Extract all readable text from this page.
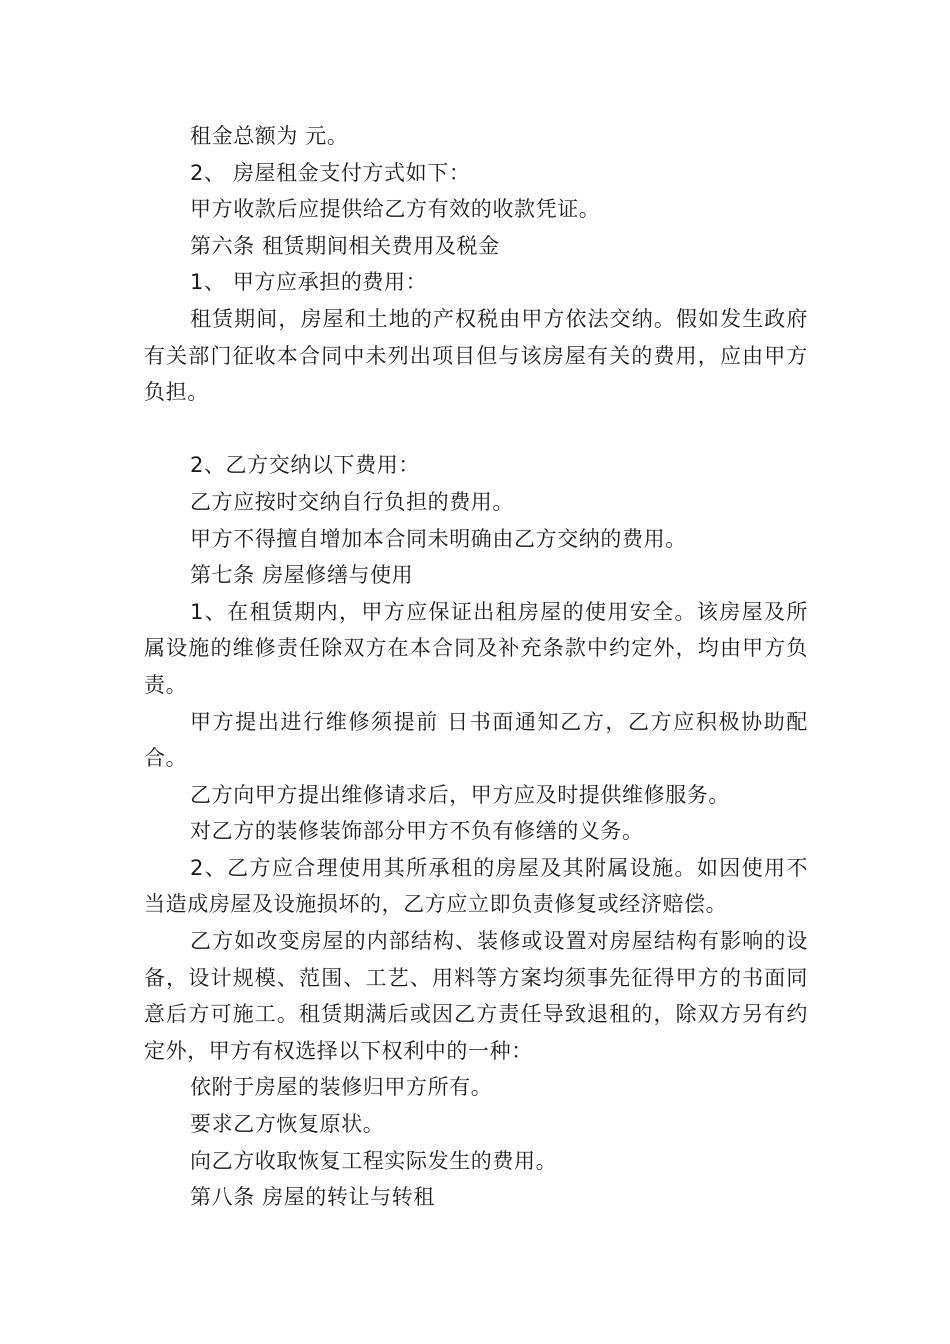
租金总额为 元。

2、 房屋租金支付方式如下：

甲方收款后应提供给乙方有效的收款凭证。

第六条 租赁期间相关费用及税金

1、 甲方应承担的费用：

租赁期间，房屋和土地的产权税由甲方依法交纳。假如发生政府有关部门征收本合同中未列出项目但与该房屋有关的费用，应由甲方负担。

2、乙方交纳以下费用：

乙方应按时交纳自行负担的费用。

甲方不得擅自增加本合同未明确由乙方交纳的费用。

第七条 房屋修缮与使用

1、在租赁期内，甲方应保证出租房屋的使用安全。该房屋及所属设施的维修责任除双方在本合同及补充条款中约定外，均由甲方负责。

甲方提出进行维修须提前 日书面通知乙方，乙方应积极协助配合。

乙方向甲方提出维修请求后，甲方应及时提供维修服务。

对乙方的装修装饰部分甲方不负有修缮的义务。

2、乙方应合理使用其所承租的房屋及其附属设施。如因使用不当造成房屋及设施损坏的，乙方应立即负责修复或经济赔偿。

乙方如改变房屋的内部结构、装修或设置对房屋结构有影响的设备，设计规模、范围、工艺、用料等方案均须事先征得甲方的书面同意后方可施工。租赁期满后或因乙方责任导致退租的，除双方另有约定外，甲方有权选择以下权利中的一种：

依附于房屋的装修归甲方所有。

要求乙方恢复原状。

向乙方收取恢复工程实际发生的费用。

第八条 房屋的转让与转租
